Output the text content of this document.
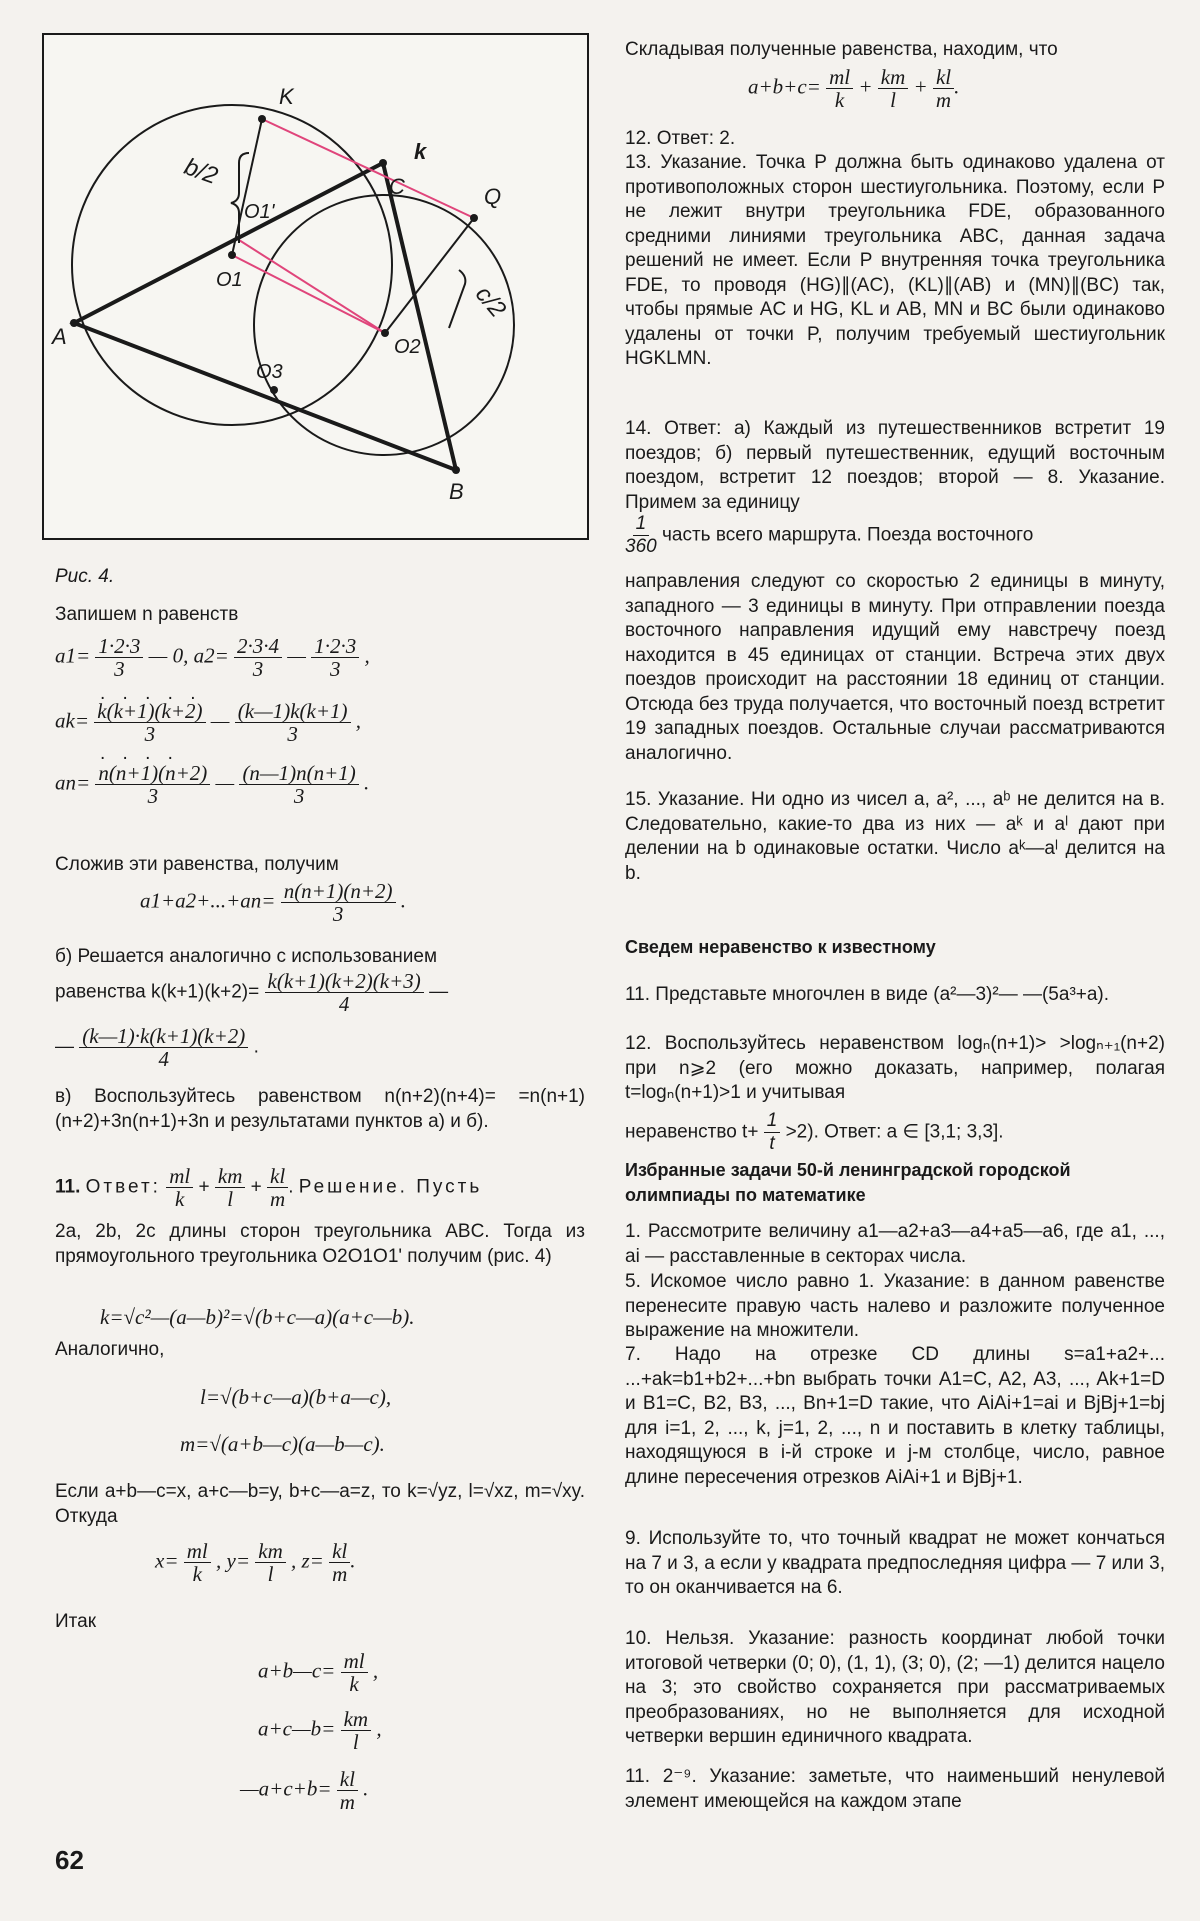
K
C	Q
k
b/2
c/2
A
B
O1
O1'
O2
O3
Рис. 4.
Запишем n равенств
$a1= \frac{1\cdot 2\cdot 3}{3}$ — 0, $a2= \frac{2\cdot 3\cdot 4}{3}$ — $\frac{1\cdot 2\cdot 3}{3}$ ,
. . . . .
$ak= \frac{k(k+1)(k+2)}{3}$ — $\frac{(k—1)k(k+1)}{3}$ ,
. . . .
$an= \frac{n(n+1)(n+2)}{3}$ — $\frac{(n—1)n(n+1)}{3}$ .
Сложив эти равенства, получим
$a1+a2+...+an= \frac{n(n+1)(n+2)}{3}$ .
б) Решается аналогично с использованием
равенства $k(k+1)(k+2)= \frac{k(k+1)(k+2)(k+3)}{4}$ —
— $\frac{(k—1)\cdot k(k+1)(k+2)}{4}$ .
в) Воспользуйтесь равенством n(n+2)(n+4)= =n(n+1)(n+2)+3n(n+1)+3n и результатами пунктов а) и б).
11. Ответ: $\frac{ml}{k} + \frac{km}{l} + \frac{kl}{m}$ . Решение. Пусть
2a, 2b, 2c длины сторон треугольника ABC. Тогда из прямоугольного треугольника O2O1O1' получим (рис. 4)
k=√c²—(a—b)²=√(b+c—a)(a+c—b).
Аналогично,
l=√(b+c—a)(b+a—c),
m=√(a+b—c)(a—b—c).
Если a+b—c=x, a+c—b=y, b+c—a=z, то k=√yz, l=√xz, m=√xy. Откуда
$x= \frac{ml}{k}$ , $y= \frac{km}{l}$ , $z= \frac{kl}{m}$ .
Итак
a+b—c= $\frac{ml}{k}$ ,
a+c—b= $\frac{km}{l}$ ,
—a+c+b= $\frac{kl}{m}$ .
62
Складывая полученные равенства, находим, что
$a+b+c= \frac{ml}{k} + \frac{km}{l} + \frac{kl}{m}$ .
12. Ответ: 2.
13. Указание. Точка P должна быть одинаково удалена от противоположных сторон шестиугольника. Поэтому, если P не лежит внутри треугольника FDE, образованного средними линиями треугольника ABC, данная задача решений не имеет. Если P внутренняя точка треугольника FDE, то проводя (HG)∥(AC), (KL)∥(AB) и (MN)∥(BC) так, чтобы прямые AC и HG, KL и AB, MN и BC были одинаково удалены от точки P, получим требуемый шестиугольник HGKLMN.
14. Ответ: а) Каждый из путешественников встретит 19 поездов; б) первый путешественник, едущий восточным поездом, встретит 12 поездов; второй — 8. Указание. Примем за единицу
$\frac{1}{360}$ часть всего маршрута. Поезда восточного
направления следуют со скоростью 2 единицы в минуту, западного — 3 единицы в минуту. При отправлении поезда восточного направления идущий ему навстречу поезд находится в 45 единицах от станции. Встреча этих двух поездов происходит на расстоянии 18 единиц от станции. Отсюда без труда получается, что восточный поезд встретит 19 западных поездов. Остальные случаи рассматриваются аналогично.
15. Указание. Ни одно из чисел a, a², ..., aᵇ не делится на в. Следовательно, какие-то два из них — aᵏ и aˡ дают при делении на b одинаковые остатки. Число aᵏ—aˡ делится на b.
Сведем неравенство к известному
11. Представьте многочлен в виде (a²—3)²— —(5a³+a).
12. Воспользуйтесь неравенством logₙ(n+1)> >logₙ₊₁(n+2) при n⩾2 (его можно доказать, например, полагая t=logₙ(n+1)>1 и учитывая
неравенство $t+ \frac{1}{t} >2$). Ответ: a ∈ [3,1; 3,3].
Избранные задачи 50-й ленинградской городской олимпиады по математике
1. Рассмотрите величину a1—a2+a3—a4+a5—a6, где a1, ..., ai — расставленные в секторах числа.
5. Искомое число равно 1. Указание: в данном равенстве перенесите правую часть налево и разложите полученное выражение на множители.
7. Надо на отрезке CD длины s=a1+a2+... ...+ak=b1+b2+...+bn выбрать точки A1=C, A2, A3, ..., Ak+1=D и B1=C, B2, B3, ..., Bn+1=D такие, что AiAi+1=ai и BjBj+1=bj для i=1, 2, ..., k, j=1, 2, ..., n и поставить в клетку таблицы, находящуюся в i-й строке и j-м столбце, число, равное длине пересечения отрезков AiAi+1 и BjBj+1.
9. Используйте то, что точный квадрат не может кончаться на 7 и 3, а если у квадрата предпоследняя цифра — 7 или 3, то он оканчивается на 6.
10. Нельзя. Указание: разность координат любой точки итоговой четверки (0; 0), (1, 1), (3; 0), (2; —1) делится нацело на 3; это свойство сохраняется при рассматриваемых преобразованиях, но не выполняется для исходной четверки вершин единичного квадрата.
11. 2⁻⁹. Указание: заметьте, что наименьший ненулевой элемент имеющейся на каждом этапе
